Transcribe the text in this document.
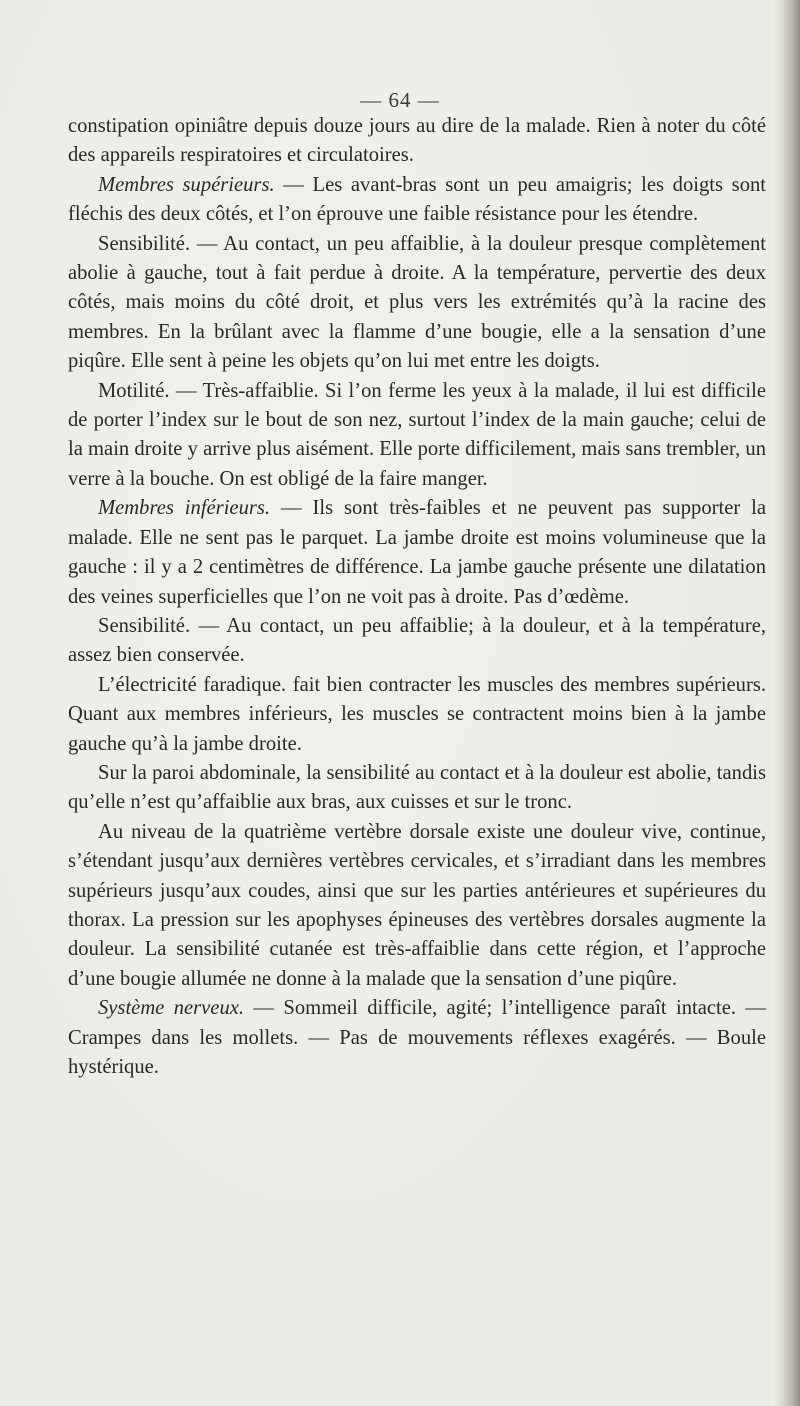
— 64 —

constipation opiniâtre depuis douze jours au dire de la malade. Rien à noter du côté des appareils respiratoires et circulatoires.

Membres supérieurs. — Les avant-bras sont un peu amaigris; les doigts sont fléchis des deux côtés, et l’on éprouve une faible résistance pour les étendre.

Sensibilité. — Au contact, un peu affaiblie, à la douleur presque complètement abolie à gauche, tout à fait perdue à droite. A la température, pervertie des deux côtés, mais moins du côté droit, et plus vers les extrémités qu’à la racine des membres. En la brûlant avec la flamme d’une bougie, elle a la sensation d’une piqûre. Elle sent à peine les objets qu’on lui met entre les doigts.

Motilité. — Très-affaiblie. Si l’on ferme les yeux à la malade, il lui est difficile de porter l’index sur le bout de son nez, surtout l’index de la main gauche; celui de la main droite y arrive plus aisément. Elle porte difficilement, mais sans trembler, un verre à la bouche. On est obligé de la faire manger.

Membres inférieurs. — Ils sont très-faibles et ne peuvent pas supporter la malade. Elle ne sent pas le parquet. La jambe droite est moins volumineuse que la gauche : il y a 2 centimètres de différence. La jambe gauche présente une dilatation des veines superficielles que l’on ne voit pas à droite. Pas d’œdème.

Sensibilité. — Au contact, un peu affaiblie; à la douleur, et à la température, assez bien conservée.

L’électricité faradique. fait bien contracter les muscles des membres supérieurs. Quant aux membres inférieurs, les muscles se contractent moins bien à la jambe gauche qu’à la jambe droite.

Sur la paroi abdominale, la sensibilité au contact et à la douleur est abolie, tandis qu’elle n’est qu’affaiblie aux bras, aux cuisses et sur le tronc.

Au niveau de la quatrième vertèbre dorsale existe une douleur vive, continue, s’étendant jusqu’aux dernières vertèbres cervicales, et s’irradiant dans les membres supérieurs jusqu’aux coudes, ainsi que sur les parties antérieures et supérieures du thorax. La pression sur les apophyses épineuses des vertèbres dorsales augmente la douleur. La sensibilité cutanée est très-affaiblie dans cette région, et l’approche d’une bougie allumée ne donne à la malade que la sensation d’une piqûre.

Système nerveux. — Sommeil difficile, agité; l’intelligence paraît intacte. — Crampes dans les mollets. — Pas de mouvements réflexes exagérés. — Boule hystérique.
